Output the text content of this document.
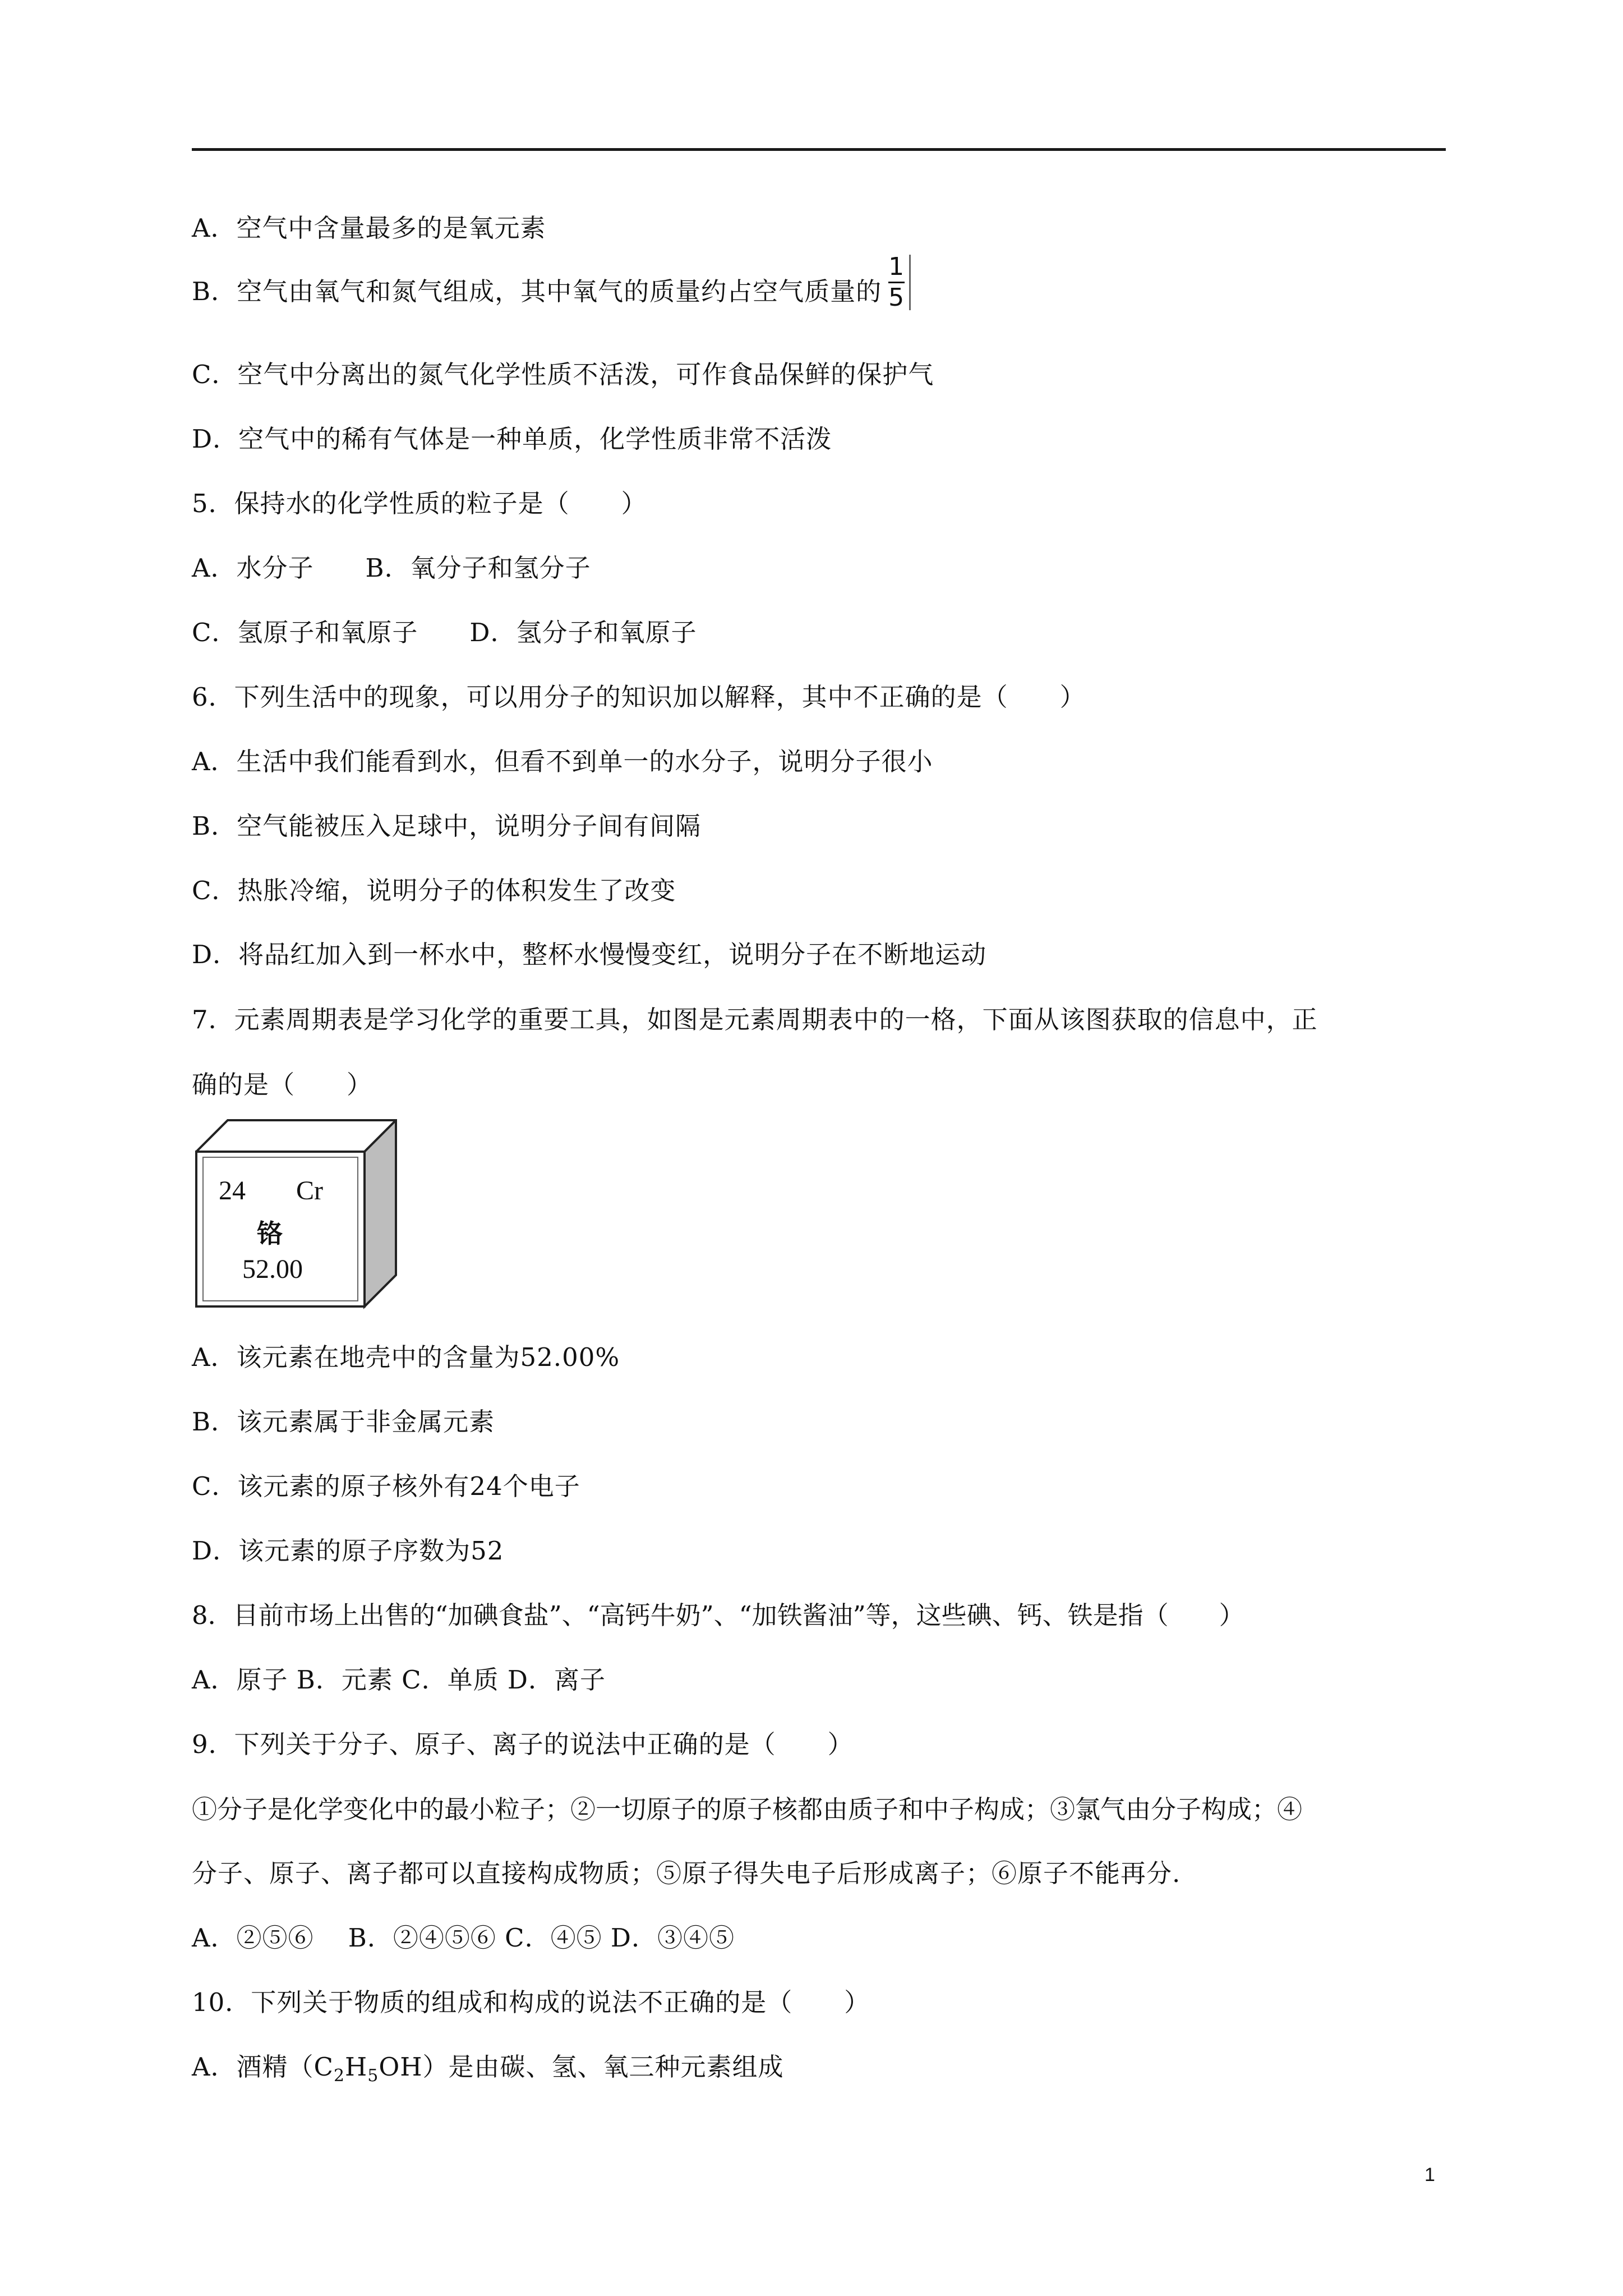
A．空气中含量最多的是氧元素
B．空气由氧气和氮气组成，其中氧气的质量约占空气质量的 $\frac{1}{5}$
C．空气中分离出的氮气化学性质不活泼，可作食品保鲜的保护气
D．空气中的稀有气体是一种单质，化学性质非常不活泼
5．保持水的化学性质的粒子是（　　）
A．水分子　　B．氧分子和氢分子
C．氢原子和氧原子　　D．氢分子和氧原子
6．下列生活中的现象，可以用分子的知识加以解释，其中不正确的是（　　）
A．生活中我们能看到水，但看不到单一的水分子，说明分子很小
B．空气能被压入足球中，说明分子间有间隔
C．热胀冷缩，说明分子的体积发生了改变
D．将品红加入到一杯水中，整杯水慢慢变红，说明分子在不断地运动
7．元素周期表是学习化学的重要工具，如图是元素周期表中的一格，下面从该图获取的信息中，正
确的是（　　）
24 Cr
铬
52.00
A．该元素在地壳中的含量为52.00%
B．该元素属于非金属元素
C．该元素的原子核外有24个电子
D．该元素的原子序数为52
8．目前市场上出售的“加碘食盐”、“高钙牛奶”、“加铁酱油”等，这些碘、钙、铁是指（　　）
A．原子 B．元素 C．单质 D．离子
9．下列关于分子、原子、离子的说法中正确的是（　　）
①分子是化学变化中的最小粒子；②一切原子的原子核都由质子和中子构成；③氯气由分子构成；④
分子、原子、离子都可以直接构成物质；⑤原子得失电子后形成离子；⑥原子不能再分.
A．②⑤⑥　 B．②④⑤⑥ C．④⑤ D．③④⑤
10．下列关于物质的组成和构成的说法不正确的是（　　）
A．酒精$(C_2H_5OH)$是由碳、氢、氧三种元素组成
1
